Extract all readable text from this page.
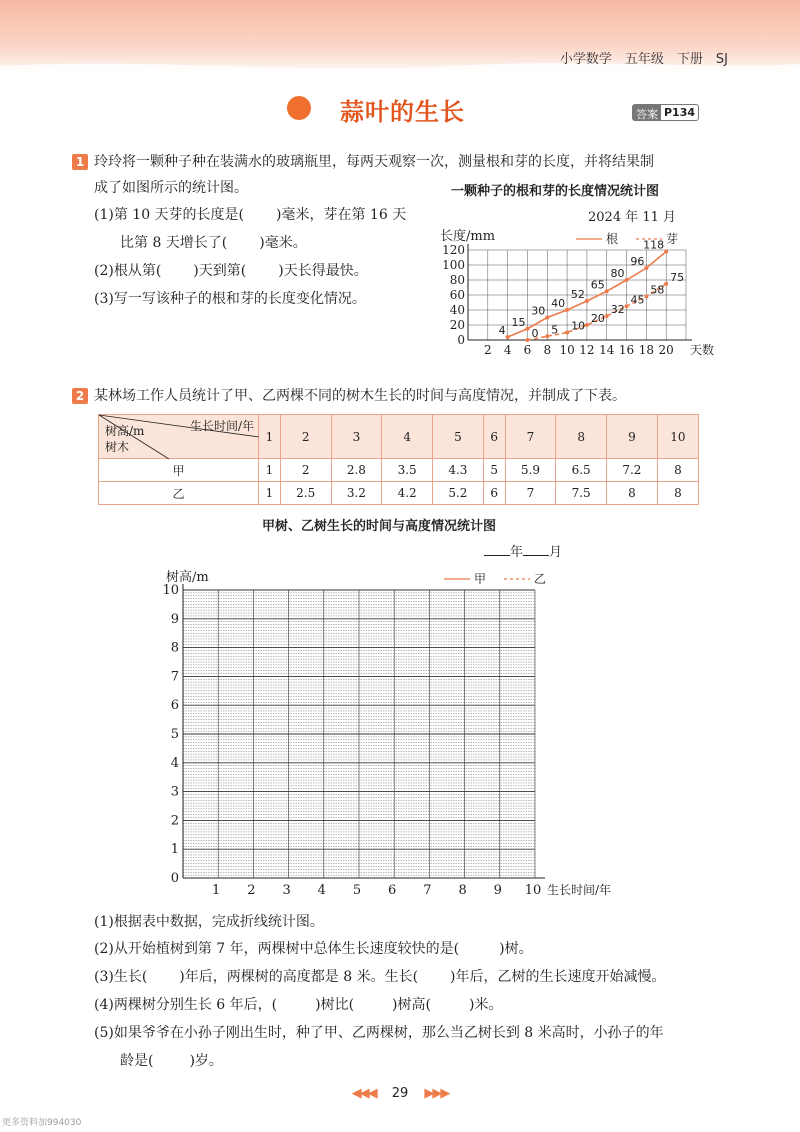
小学数学　五年级　下册　SJ
蒜叶的生长	答案 P134
1 玲玲将一颗种子种在装满水的玻璃瓶里，每两天观察一次，测量根和芽的长度，并将结果制
成了如图所示的统计图。
(1)第 10 天芽的长度是( )毫米，芽在第 16 天
比第 8 天增长了( )毫米。
(2)根从第( )天到第( )天长得最快。
(3)写一写该种子的根和芽的长度变化情况。
一颗种子的根和芽的长度情况统计图
2024 年 11 月
长度/mm	根	芽
0
20
40
60
80
100
120
2 4 6 8 10 12 14 16 18 20 天数
4
15
30
40
52
65
80
96
118
0 5 10
20
32
45
58
75
2 某林场工作人员统计了甲、乙两棵不同的树木生长的时间与高度情况，并制成了下表。
生长时间/年
树高/m
树木	1	2	3	4	5	6	7	8	9	10
甲	1	2	2.8	3.5	4.3	5	5.9	6.5	7.2	8
乙	1	2.5	3.2	4.2	5.2	6	7	7.5	8	8
甲树、乙树生长的时间与高度情况统计图
年 月
树高/m	甲	乙
0
1
2
3
4
5
6
7
8
9
10
1 2 3 4 5 6 7 8 9 10 生长时间/年
(1)根据表中数据，完成折线统计图。
(2)从开始植树到第 7 年，两棵树中总体生长速度较快的是(	)树。
(3)生长( )年后，两棵树的高度都是 8 米。生长( )年后，乙树的生长速度开始减慢。
(4)两棵树分别生长 6 年后，(	)树比(	)树高(	)米。
(5)如果爷爷在小孙子刚出生时，种了甲、乙两棵树，那么当乙树长到 8 米高时，小孙子的年
龄是(	)岁。
◀◀◀ 29 ▶▶▶
更多资料加994030
